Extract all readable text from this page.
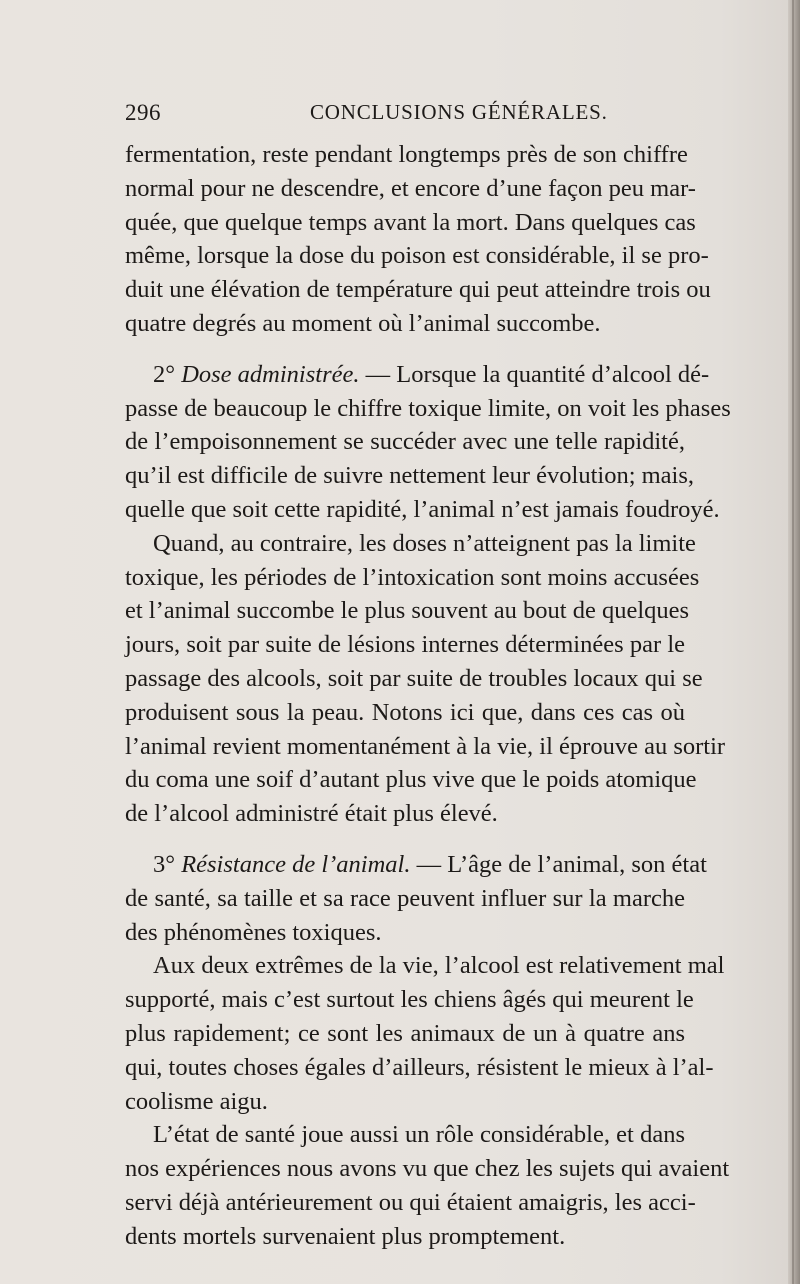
296	CONCLUSIONS GÉNÉRALES.
fermentation, reste pendant longtemps près de son chiffre
normal pour ne descendre, et encore d’une façon peu mar-
quée, que quelque temps avant la mort. Dans quelques cas
même, lorsque la dose du poison est considérable, il se pro-
duit une élévation de température qui peut atteindre trois ou
quatre degrés au moment où l’animal succombe.
2° Dose administrée. — Lorsque la quantité d’alcool dé-
passe de beaucoup le chiffre toxique limite, on voit les phases
de l’empoisonnement se succéder avec une telle rapidité,
qu’il est difficile de suivre nettement leur évolution; mais,
quelle que soit cette rapidité, l’animal n’est jamais foudroyé.
Quand, au contraire, les doses n’atteignent pas la limite
toxique, les périodes de l’intoxication sont moins accusées
et l’animal succombe le plus souvent au bout de quelques
jours, soit par suite de lésions internes déterminées par le
passage des alcools, soit par suite de troubles locaux qui se
produisent sous la peau. Notons ici que, dans ces cas où
l’animal revient momentanément à la vie, il éprouve au sortir
du coma une soif d’autant plus vive que le poids atomique
de l’alcool administré était plus élevé.
3° Résistance de l’animal. — L’âge de l’animal, son état
de santé, sa taille et sa race peuvent influer sur la marche
des phénomènes toxiques.
Aux deux extrêmes de la vie, l’alcool est relativement mal
supporté, mais c’est surtout les chiens âgés qui meurent le
plus rapidement; ce sont les animaux de un à quatre ans
qui, toutes choses égales d’ailleurs, résistent le mieux à l’al-
coolisme aigu.
L’état de santé joue aussi un rôle considérable, et dans
nos expériences nous avons vu que chez les sujets qui avaient
servi déjà antérieurement ou qui étaient amaigris, les acci-
dents mortels survenaient plus promptement.
